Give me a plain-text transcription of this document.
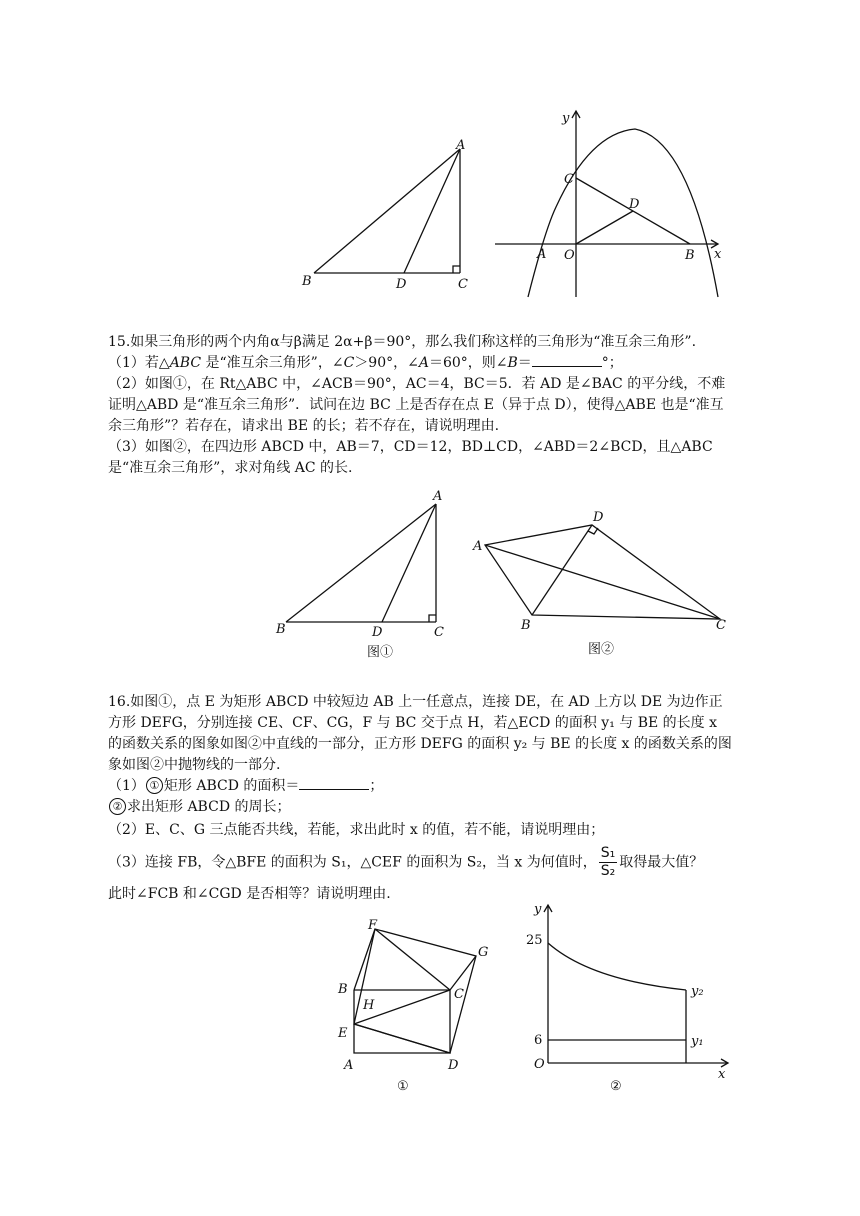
A
B	D	C
y
x
A O	B
C
D

15.如果三角形的两个内角α与β满足 2α+β＝90°，那么我们称这样的三角形为“准互余三角形”.

（1）若△ABC 是“准互余三角形”，∠C＞90°，∠A＝60°，则∠B＝	°；

（2）如图①，在 Rt△ABC 中，∠ACB＝90°，AC＝4，BC＝5．若 AD 是∠BAC 的平分线，不难证明△ABD 是“准互余三角形”．试问在边 BC 上是否存在点 E（异于点 D），使得△ABE 也是“准互余三角形”？若存在，请求出 BE 的长；若不存在，请说明理由.

（3）如图②，在四边形 ABCD 中，AB＝7，CD＝12，BD⊥CD，∠ABD＝2∠BCD，且△ABC 是“准互余三角形”，求对角线 AC 的长.

A
B	D	C
图①
A
D
B	C
图②

16.如图①，点 E 为矩形 ABCD 中较短边 AB 上一任意点，连接 DE，在 AD 上方以 DE 为边作正方形 DEFG，分别连接 CE、CF、CG，F 与 BC 交于点 H，若△ECD 的面积 y₁ 与 BE 的长度 x 的函数关系的图象如图②中直线的一部分，正方形 DEFG 的面积 y₂ 与 BE 的长度 x 的函数关系的图象如图②中抛物线的一部分.

（1） ① 矩形 ABCD 的面积＝	；

② 求出矩形 ABCD 的周长；

（2）E、C、G 三点能否共线，若能，求出此时 x 的值，若不能，请说明理由；

（3）连接 FB，令△BFE 的面积为 S₁，△CEF 的面积为 S₂，当 x 为何值时， $\frac{\text{S₁}}{\text{S₂}}$ 取得最大值？

此时∠FCB 和∠CGD 是否相等？请说明理由.

F
G
B
H
C
E
A	D
①
y
x
O
25
6
y₂
y₁
②
